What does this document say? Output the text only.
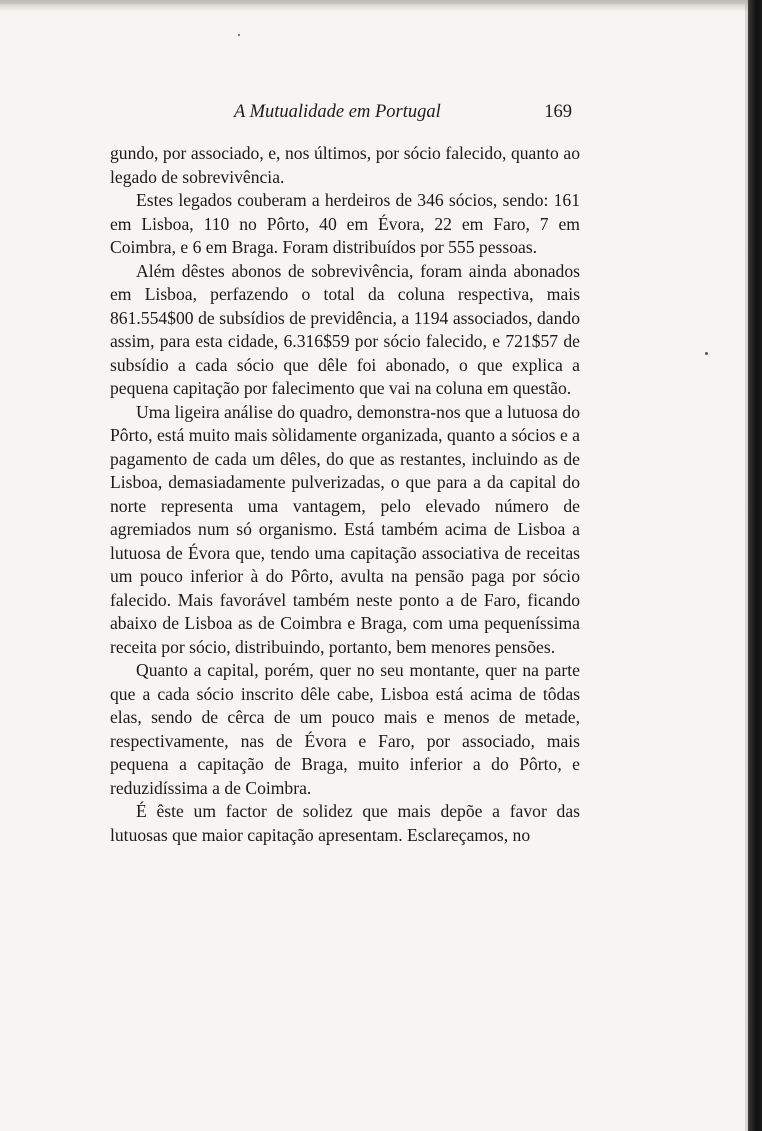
A Mutualidade em Portugal	169

gundo, por associado, e, nos últimos, por sócio falecido, quanto ao legado de sobrevivência.

Estes legados couberam a herdeiros de 346 sócios, sendo: 161 em Lisboa, 110 no Pôrto, 40 em Évora, 22 em Faro, 7 em Coimbra, e 6 em Braga. Foram distribuídos por 555 pessoas.

Além dêstes abonos de sobrevivência, foram ainda abonados em Lisboa, perfazendo o total da coluna respectiva, mais 861.554$00 de subsídios de previdência, a 1194 associados, dando assim, para esta cidade, 6.316$59 por sócio falecido, e 721$57 de subsídio a cada sócio que dêle foi abonado, o que explica a pequena capitação por falecimento que vai na coluna em questão.

Uma ligeira análise do quadro, demonstra-nos que a lutuosa do Pôrto, está muito mais sòlidamente organizada, quanto a sócios e a pagamento de cada um dêles, do que as restantes, incluindo as de Lisboa, demasiadamente pulverizadas, o que para a da capital do norte representa uma vantagem, pelo elevado número de agremiados num só organismo. Está também acima de Lisboa a lutuosa de Évora que, tendo uma capitação associativa de receitas um pouco inferior à do Pôrto, avulta na pensão paga por sócio falecido. Mais favorável também neste ponto a de Faro, ficando abaixo de Lisboa as de Coimbra e Braga, com uma pequeníssima receita por sócio, distribuindo, portanto, bem menores pensões.

Quanto a capital, porém, quer no seu montante, quer na parte que a cada sócio inscrito dêle cabe, Lisboa está acima de tôdas elas, sendo de cêrca de um pouco mais e menos de metade, respectivamente, nas de Évora e Faro, por associado, mais pequena a capitação de Braga, muito inferior a do Pôrto, e reduzidíssima a de Coimbra.

É êste um factor de solidez que mais depõe a favor das lutuosas que maior capitação apresentam. Esclareçamos, no
